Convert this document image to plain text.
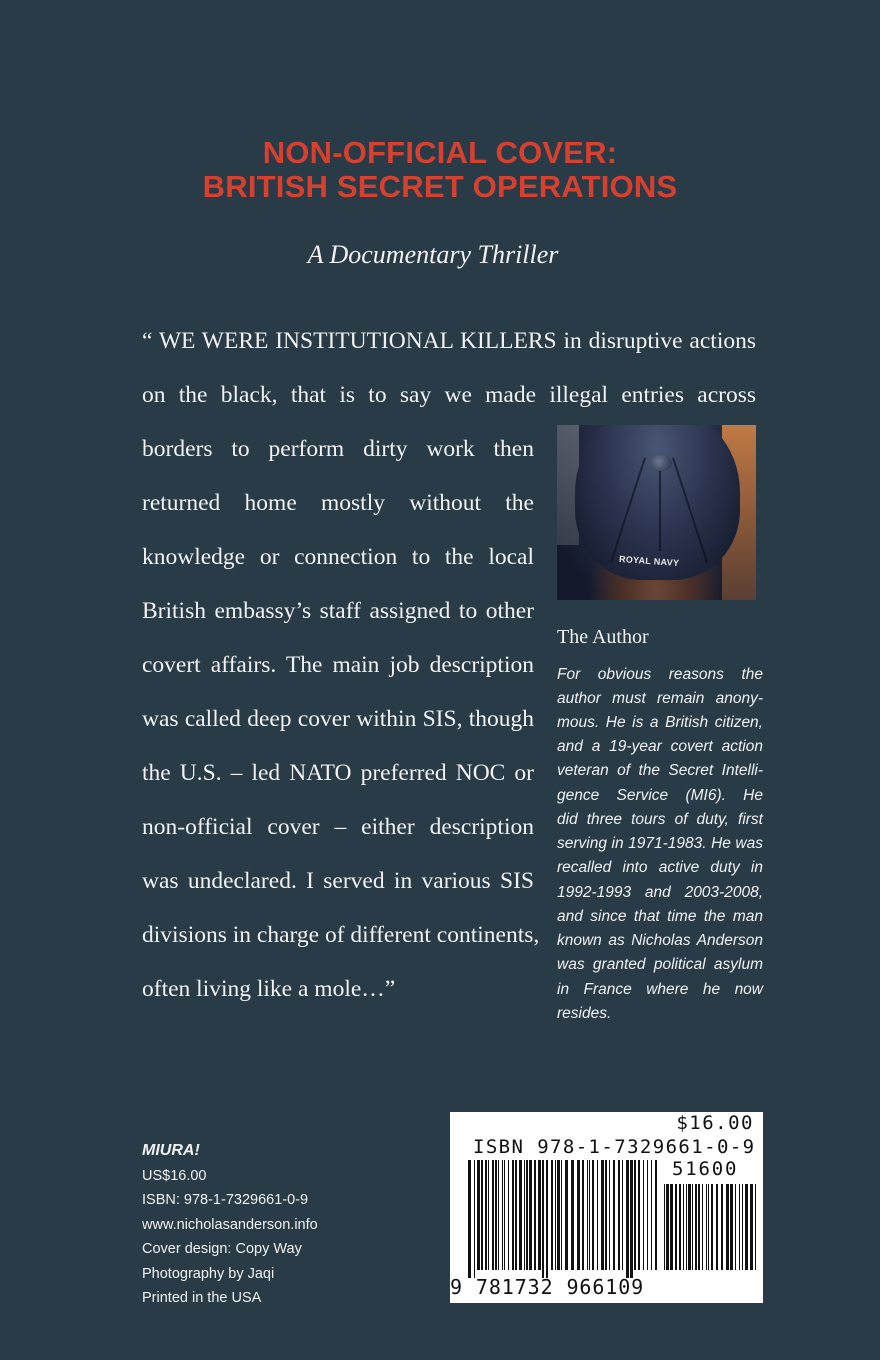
NON-OFFICIAL COVER:
BRITISH SECRET OPERATIONS
A Documentary Thriller
“ WE WERE INSTITUTIONAL KILLERS in disruptive actions
on the black, that is to say we made illegal entries across
borders to perform dirty work then
returned home mostly without the
knowledge or connection to the local
British embassy’s staff assigned to other
covert affairs. The main job description
was called deep cover within SIS, though
the U.S. – led NATO preferred NOC or
non-official cover – either description
was undeclared. I served in various SIS
divisions in charge of different continents,
often living like a mole…”
ROYAL NAVY
The Author
For obvious reasons the
author must remain anony-
mous. He is a British citizen,
and a 19-year covert action
veteran of the Secret Intelli-
gence Service (MI6). He
did three tours of duty, first
serving in 1971-1983. He was
recalled into active duty in
1992-1993 and 2003-2008,
and since that time the man
known as Nicholas Anderson
was granted political asylum
in France where he now
resides.
MIURA!
US$16.00
ISBN: 978-1-7329661-0-9
www.nicholasanderson.info
Cover design: Copy Way
Photography by Jaqi
Printed in the USA
$16.00
ISBN 978-1-7329661-0-9
51600
9 781732 966109
